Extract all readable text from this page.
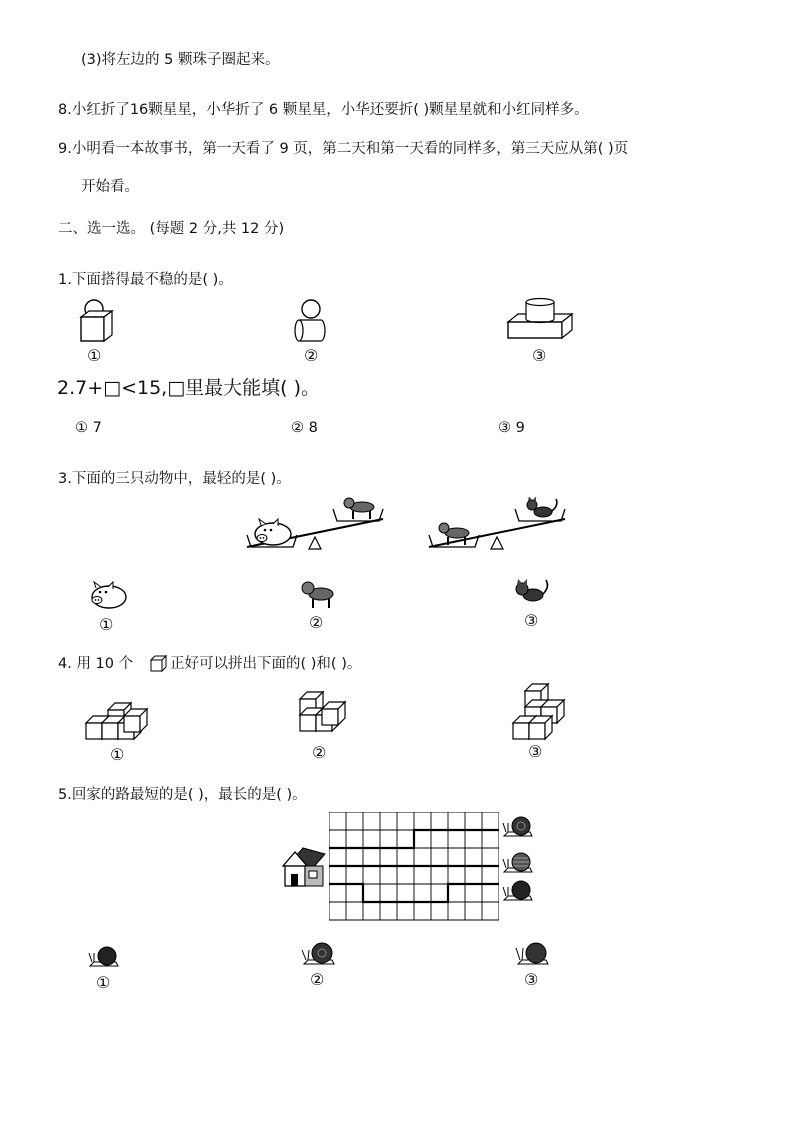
(3)将左边的 5 颗珠子圈起来。
8.小红折了16颗星星，小华折了 6 颗星星，小华还要折( )颗星星就和小红同样多。
9.小明看一本故事书，第一天看了 9 页，第二天和第一天看的同样多，第三天应从第( )页
开始看。
二、选一选。 (每题 2 分,共 12 分)
1.下面搭得最不稳的是( )。
①	②	③
2.7+□<15,□里最大能填( )。
① 7	② 8	③ 9
3.下面的三只动物中，最轻的是( )。
①	②	③
4. 用 10 个	正好可以拼出下面的( )和( )。
①	②	③
5.回家的路最短的是( )，最长的是( )。
①	②	③
